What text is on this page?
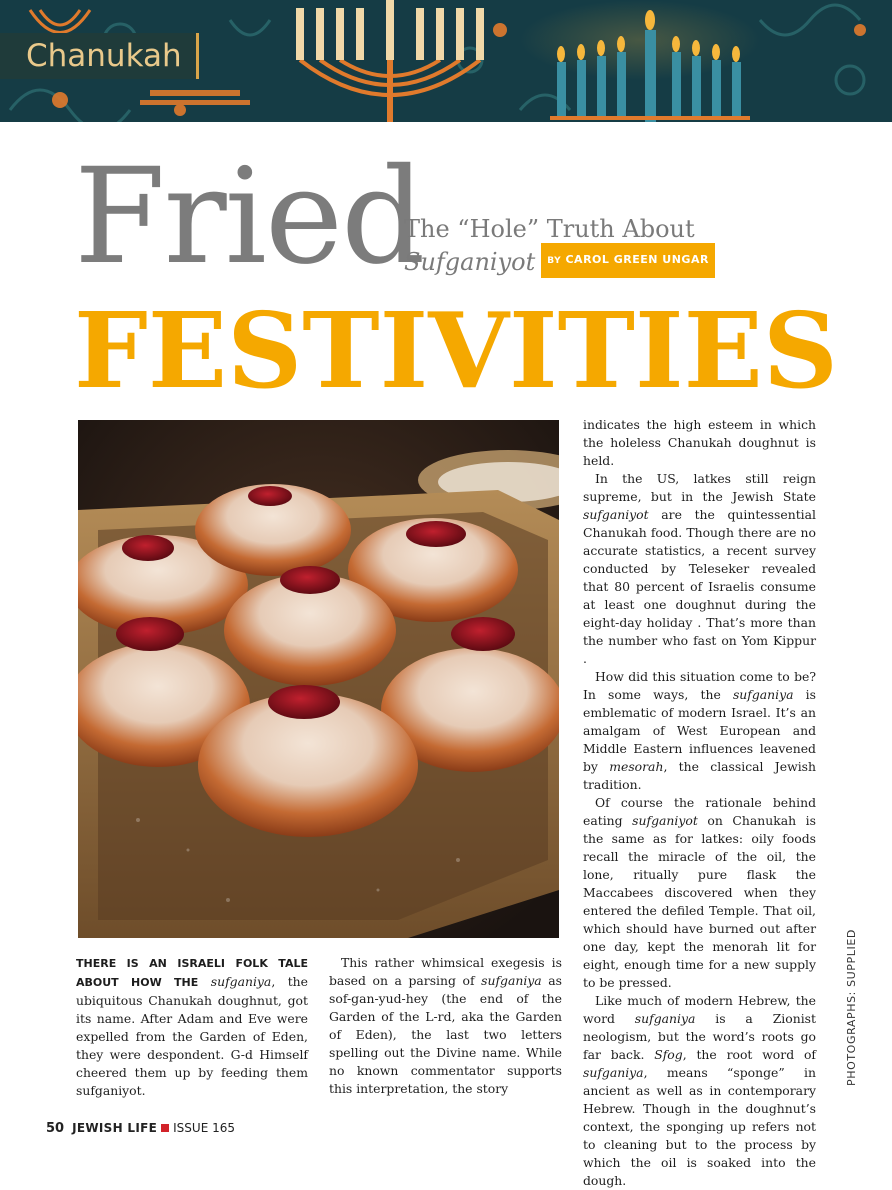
Chanukah
Fried
The “Hole” Truth About
Sufganiyot BY CAROL GREEN UNGAR
FESTIVITIES

THERE IS AN ISRAELI FOLK TALE ABOUT HOW THE sufganiya, the ubiquitous Chanukah doughnut, got its name. After Adam and Eve were expelled from the Garden of Eden, they were despondent. G-d Himself cheered them up by feeding them sufganiyot.

This rather whimsical exegesis is based on a parsing of sufganiya as sof-gan-yud-hey (the end of the Garden of the L-rd, aka the Garden of Eden), the last two letters spelling out the Divine name. While no known commentator supports this interpretation, the story

indicates the high esteem in which the holeless Chanukah doughnut is held.

In the US, latkes still reign supreme, but in the Jewish State sufganiyot are the quintessential Chanukah food. Though there are no accurate statistics, a recent survey conducted by Teleseker revealed that 80 percent of Israelis consume at least one doughnut during the eight-day holiday . That’s more than the number who fast on Yom Kippur .

How did this situation come to be? In some ways, the sufganiya is emblematic of modern Israel. It’s an amalgam of West European and Middle Eastern influences leavened by mesorah, the classical Jewish tradition.

Of course the rationale behind eating sufganiyot on Chanukah is the same as for latkes: oily foods recall the miracle of the oil, the lone, ritually pure flask the Maccabees discovered when they entered the defiled Temple. That oil, which should have burned out after one day, kept the menorah lit for eight, enough time for a new supply to be pressed.

Like much of modern Hebrew, the word sufganiya is a Zionist neologism, but the word’s roots go far back. Sfog, the root word of sufganiya, means “sponge” in ancient as well as in contemporary Hebrew. Though in the doughnut’s context, the sponging up refers not to cleaning but to the process by which the oil is soaked into the dough.

PHOTOGRAPHS: SUPPLIED
50 JEWISH LIFE ISSUE 165
